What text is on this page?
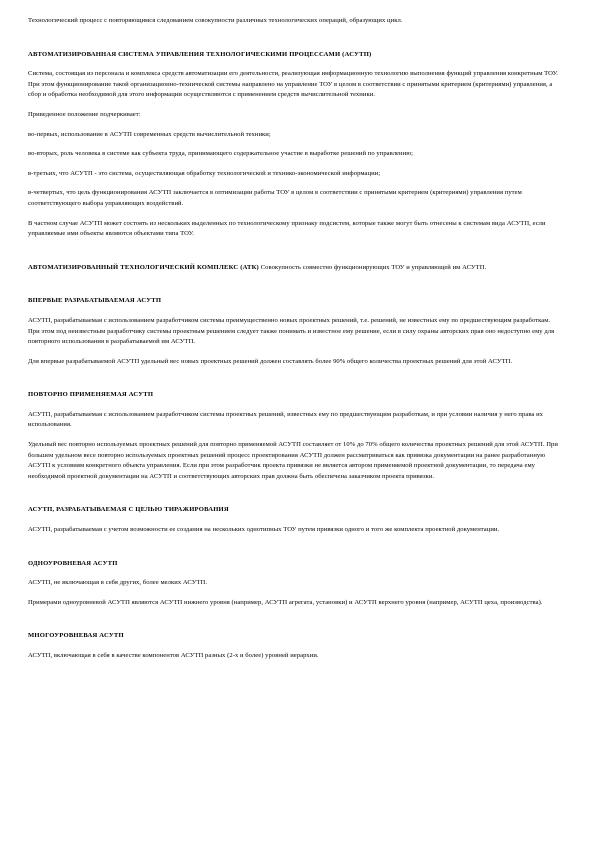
Технологический процесс с повторяющимся следованием совокупности различных технологических операций, образующих цикл.

АВТОМАТИЗИРОВАННАЯ СИСТЕМА УПРАВЛЕНИЯ ТЕХНОЛОГИЧЕСКИМИ ПРОЦЕССАМИ (АСУТП)

Система, состоящая из персонала и комплекса средств автоматизации его деятельности, реализующая информационную технологию выполнения функций управления конкретным ТОУ. При этом функционирование такой организационно-технической системы направлено на управление ТОУ в целом в соответствии с принятыми критерием (критериями) управления, а сбор и обработка необходимой для этого информации осуществляются с применением средств вычислительной техники.

Приведенное положение подчеркивает:

во-первых, использование в АСУТП современных средств вычислительной техники;

во-вторых, роль человека в системе как субъекта труда, принимающего содержательное участие в выработке решений по управлению;

в-третьих, что АСУТП - это система, осуществляющая обработку технологической и технико-экономической информации;

в-четвертых, что цель функционирования АСУТП заключается в оптимизации работы ТОУ в целом в соответствии с принятыми критерием (критериями) управления путем соответствующего выбора управляющих воздействий.

В частном случае АСУТП может состоять из нескольких выделенных по технологическому признаку подсистем, которые также могут быть отнесены к системам вида АСУТП, если управляемые ими объекты являются объектами типа ТОУ.

АВТОМАТИЗИРОВАННЫЙ ТЕХНОЛОГИЧЕСКИЙ КОМПЛЕКС (АТК) Совокупность совместно функционирующих ТОУ и управляющей им АСУТП.

ВПЕРВЫЕ РАЗРАБАТЫВАЕМАЯ АСУТП

АСУТП, разрабатываемая с использованием разработчиком системы преимущественно новых проектных решений, т.е. решений, не известных ему по предшествующим разработкам. При этом под неизвестным разработчику системы проектным решением следует также понимать и известное ему решение, если в силу охраны авторских прав оно недоступно ему для повторного использования в разрабатываемой им АСУТП.

Для впервые разрабатываемой АСУТП удельный вес новых проектных решений должен составлять более 90% общего количества проектных решений для этой АСУТП.

ПОВТОРНО ПРИМЕНЯЕМАЯ АСУТП

АСУТП, разрабатываемая с использованием разработчиком системы проектных решений, известных ему по предшествующим разработкам, и при условии наличия у него права их использования.

Удельный вес повторно используемых проектных решений для повторно применяемой АСУТП составляет от 10% до 70% общего количества проектных решений для этой АСУТП. При большем удельном весе повторно используемых проектных решений процесс проектирования АСУТП должен рассматриваться как привязка документации на ранее разработанную АСУТП к условиям конкретного объекта управления. Если при этом разработчик проекта привязки не является автором применяемой проектной документации, то передача ему необходимой проектной документации на АСУТП и соответствующих авторских прав должна быть обеспечена заказчиком проекта привязки.

АСУТП, РАЗРАБАТЫВАЕМАЯ С ЦЕЛЬЮ ТИРАЖИРОВАНИЯ

АСУТП, разрабатываемая с учетом возможности ее создания на нескольких однотипных ТОУ путем привязки одного и того же комплекта проектной документации.

ОДНОУРОВНЕВАЯ АСУТП

АСУТП, не включающая в себя других, более мелких АСУТП.

Примерами одноуровневой АСУТП являются АСУТП нижнего уровня (например, АСУТП агрегата, установки) и АСУТП верхнего уровня (например, АСУТП цеха, производства).

МНОГОУРОВНЕВАЯ АСУТП

АСУТП, включающая в себя в качестве компонентов АСУТП разных (2-х и более) уровней иерархии.
